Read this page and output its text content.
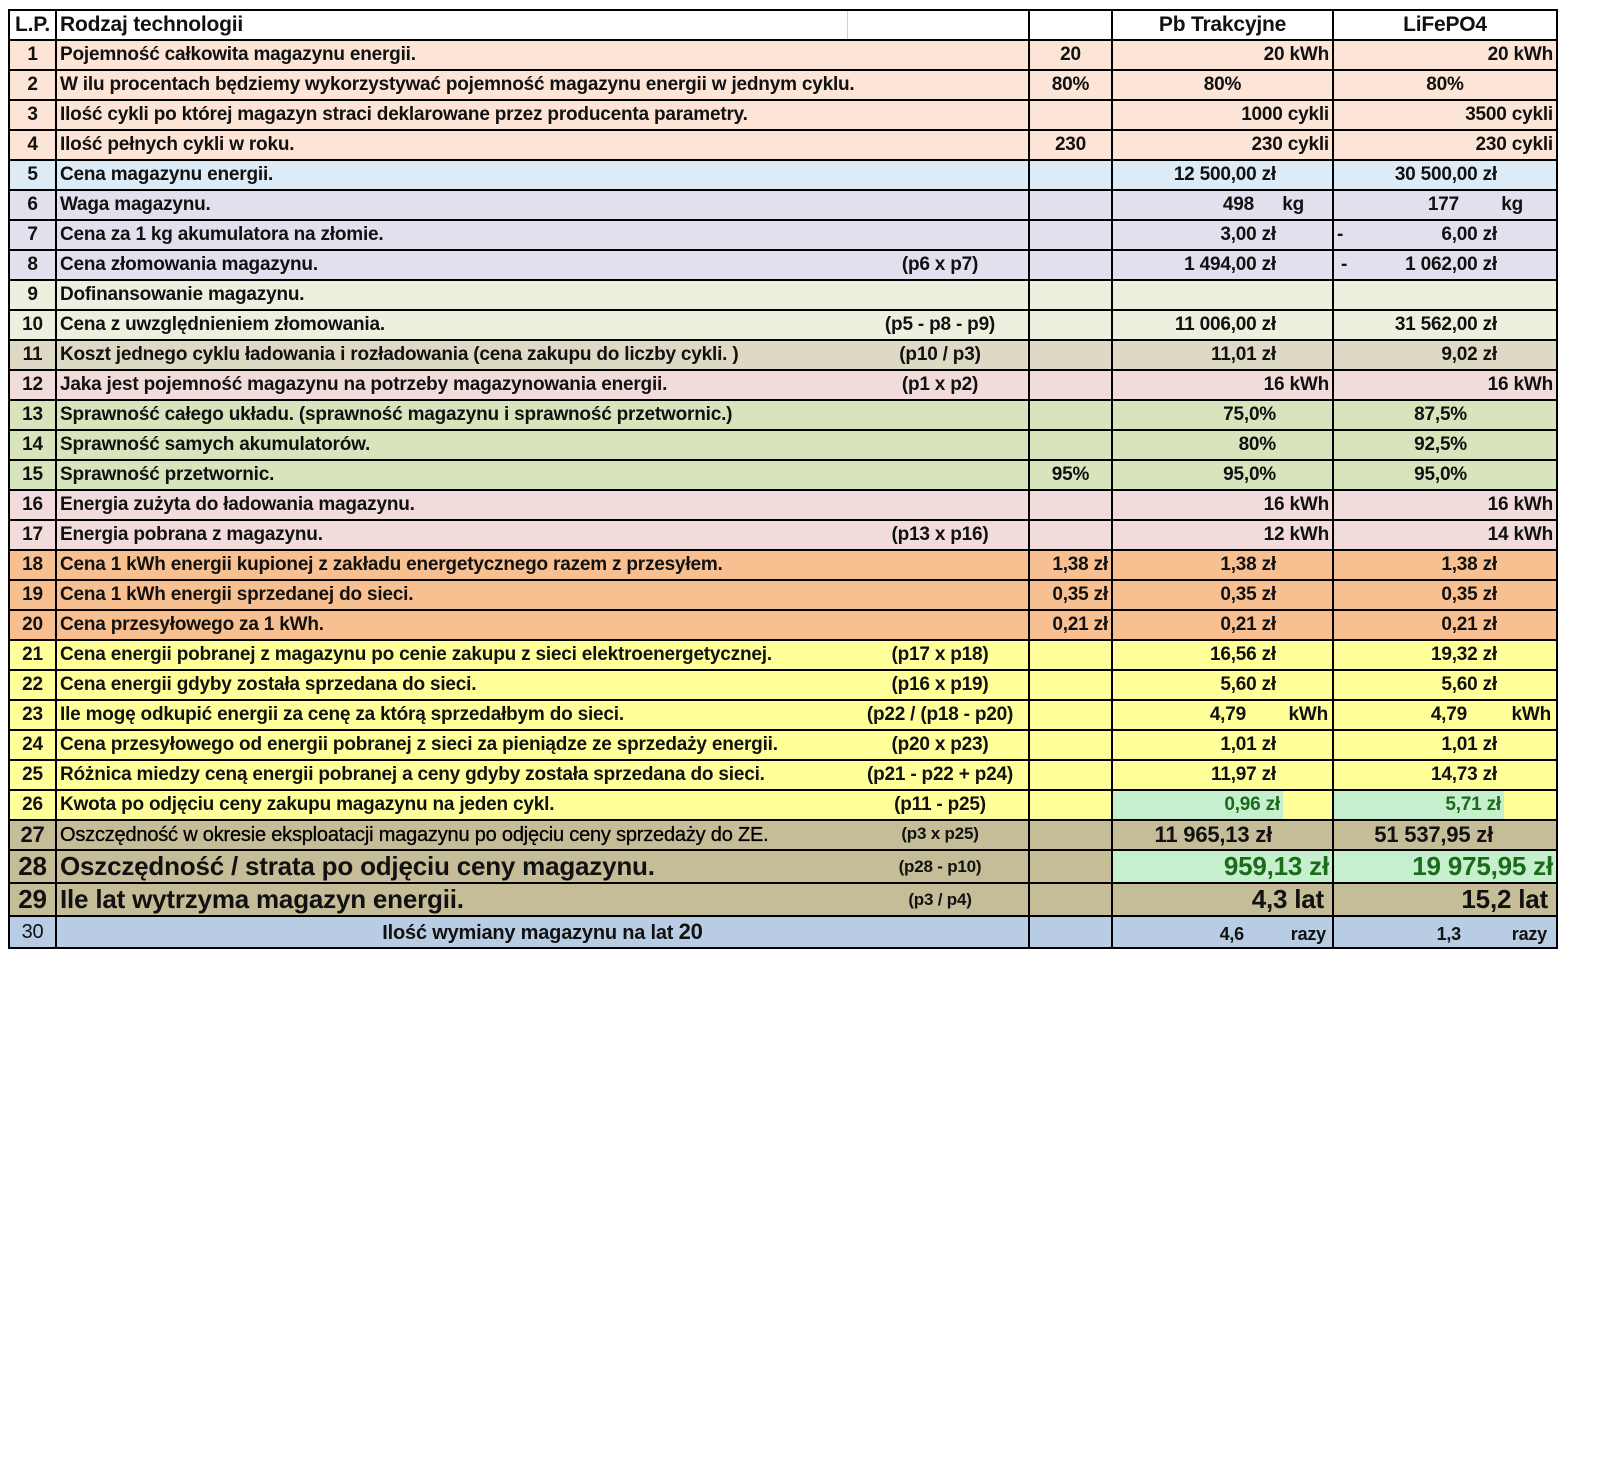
L.P.	Rodzaj technologii		Pb Trakcyjne	LiFePO4
1	Pojemność całkowita magazynu energii.	20	20 kWh	20 kWh
2	W ilu procentach będziemy wykorzystywać pojemność magazynu energii w jednym cyklu.	80%	80%	80%
3	Ilość cykli po której magazyn straci deklarowane przez producenta parametry.		1000 cykli	3500 cykli
4	Ilość pełnych cykli w roku.	230	230 cykli	230 cykli
5	Cena magazynu energii.		12 500,00 zł	30 500,00 zł
6	Waga magazynu.		498 kg	177 kg
7	Cena za 1 kg akumulatora na złomie.		3,00 zł	- 6,00 zł
8	Cena złomowania magazynu. (p6 x p7)		1 494,00 zł	- 1 062,00 zł
9	Dofinansowanie magazynu.			
10	Cena z uwzględnieniem złomowania. (p5 - p8 - p9)		11 006,00 zł	31 562,00 zł
11	Koszt jednego cyklu ładowania i rozładowania (cena zakupu do liczby cykli. ) (p10 / p3)		11,01 zł	9,02 zł
12	Jaka jest pojemność magazynu na potrzeby magazynowania energii. (p1 x p2)		16 kWh	16 kWh
13	Sprawność całego układu. (sprawność magazynu i sprawność przetwornic.)		75,0%	87,5%
14	Sprawność samych akumulatorów.		80%	92,5%
15	Sprawność przetwornic.	95%	95,0%	95,0%
16	Energia zużyta do ładowania magazynu.		16 kWh	16 kWh
17	Energia pobrana z magazynu. (p13 x p16)		12 kWh	14 kWh
18	Cena 1 kWh energii kupionej z zakładu energetycznego razem z przesyłem.	1,38 zł	1,38 zł	1,38 zł
19	Cena 1 kWh energii sprzedanej do sieci.	0,35 zł	0,35 zł	0,35 zł
20	Cena przesyłowego za 1 kWh.	0,21 zł	0,21 zł	0,21 zł
21	Cena energii pobranej z magazynu po cenie zakupu z sieci elektroenergetycznej. (p17 x p18)		16,56 zł	19,32 zł
22	Cena energii gdyby została sprzedana do sieci. (p16 x p19)		5,60 zł	5,60 zł
23	Ile mogę odkupić energii za cenę za którą sprzedałbym do sieci. (p22 / (p18 - p20)		4,79 kWh	4,79 kWh
24	Cena przesyłowego od energii pobranej z sieci za pieniądze ze sprzedaży energii. (p20 x p23)		1,01 zł	1,01 zł
25	Różnica miedzy ceną energii pobranej a ceny gdyby została sprzedana do sieci. (p21 - p22 + p24)		11,97 zł	14,73 zł
26	Kwota po odjęciu ceny zakupu magazynu na jeden cykl. (p11 - p25)		0,96 zł	5,71 zł

27	Oszczędność w okresie eksploatacji magazynu po odjęciu ceny sprzedaży do ZE. (p3 x p25)		11 965,13 zł	51 537,95 zł
28	Oszczędność / strata po odjęciu ceny magazynu. (p28 - p10)		959,13 zł	19 975,95 zł
29	Ile lat wytrzyma magazyn energii. (p3 / p4)		4,3 lat	15,2 lat
30	Ilość wymiany magazynu na lat 20		4,6 razy	1,3 razy
